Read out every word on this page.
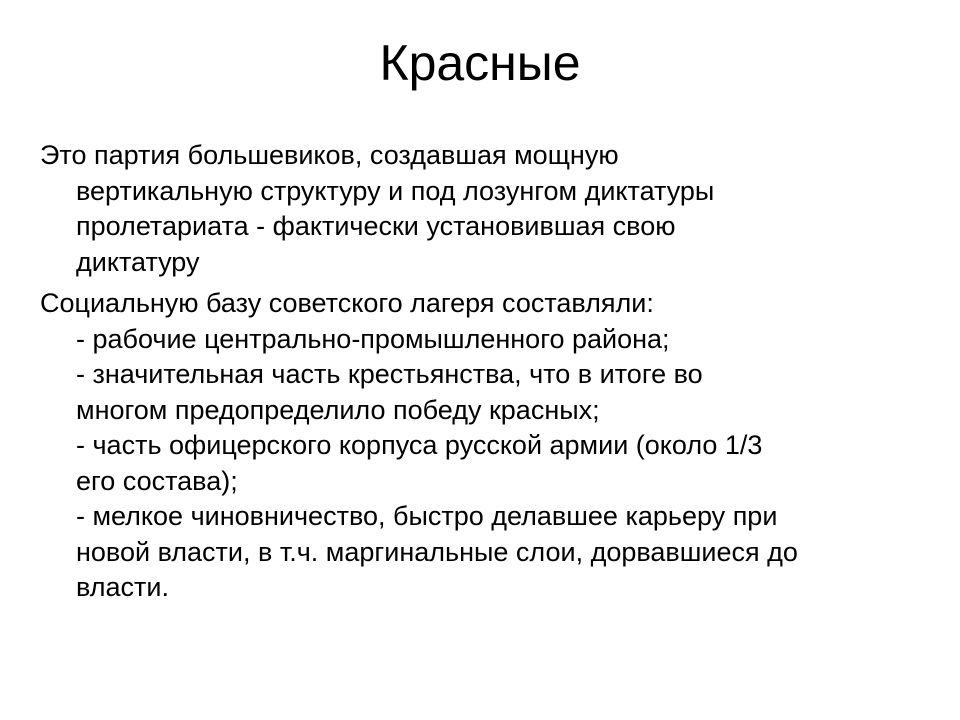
Красные
Это партия большевиков, создавшая мощную
вертикальную структуру и под лозунгом диктатуры
пролетариата - фактически установившая свою
диктатуру
Социальную базу советского лагеря составляли:
- рабочие центрально-промышленного района;
- значительная часть крестьянства, что в итоге во
многом предопределило победу красных;
- часть офицерского корпуса русской армии (около 1/3
его состава);
- мелкое чиновничество, быстро делавшее карьеру при
новой власти, в т.ч. маргинальные слои, дорвавшиеся до
власти.
